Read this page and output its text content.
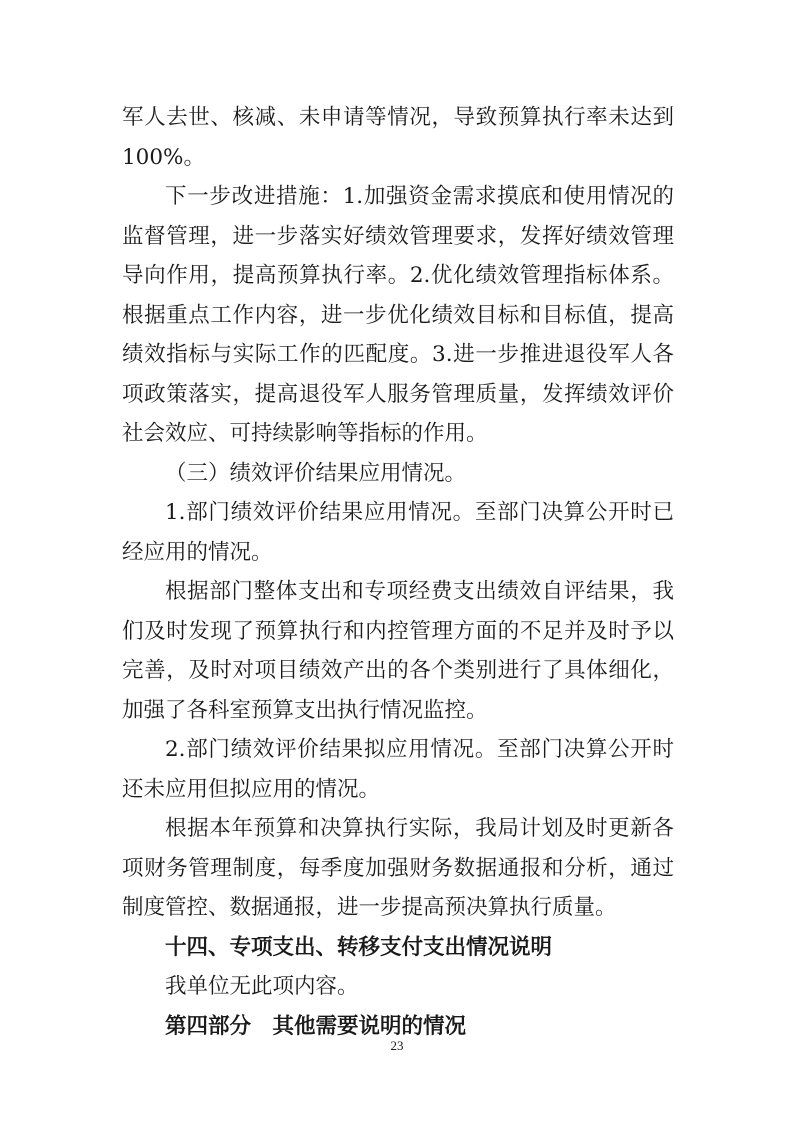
军人去世、核减、未申请等情况，导致预算执行率未达到100%。

下一步改进措施：1.加强资金需求摸底和使用情况的监督管理，进一步落实好绩效管理要求，发挥好绩效管理导向作用，提高预算执行率。2.优化绩效管理指标体系。根据重点工作内容，进一步优化绩效目标和目标值，提高绩效指标与实际工作的匹配度。3.进一步推进退役军人各项政策落实，提高退役军人服务管理质量，发挥绩效评价社会效应、可持续影响等指标的作用。

（三）绩效评价结果应用情况。

1.部门绩效评价结果应用情况。至部门决算公开时已经应用的情况。

根据部门整体支出和专项经费支出绩效自评结果，我们及时发现了预算执行和内控管理方面的不足并及时予以完善，及时对项目绩效产出的各个类别进行了具体细化，加强了各科室预算支出执行情况监控。

2.部门绩效评价结果拟应用情况。至部门决算公开时还未应用但拟应用的情况。

根据本年预算和决算执行实际，我局计划及时更新各项财务管理制度，每季度加强财务数据通报和分析，通过制度管控、数据通报，进一步提高预决算执行质量。

十四、专项支出、转移支付支出情况说明

我单位无此项内容。

第四部分　其他需要说明的情况

23
